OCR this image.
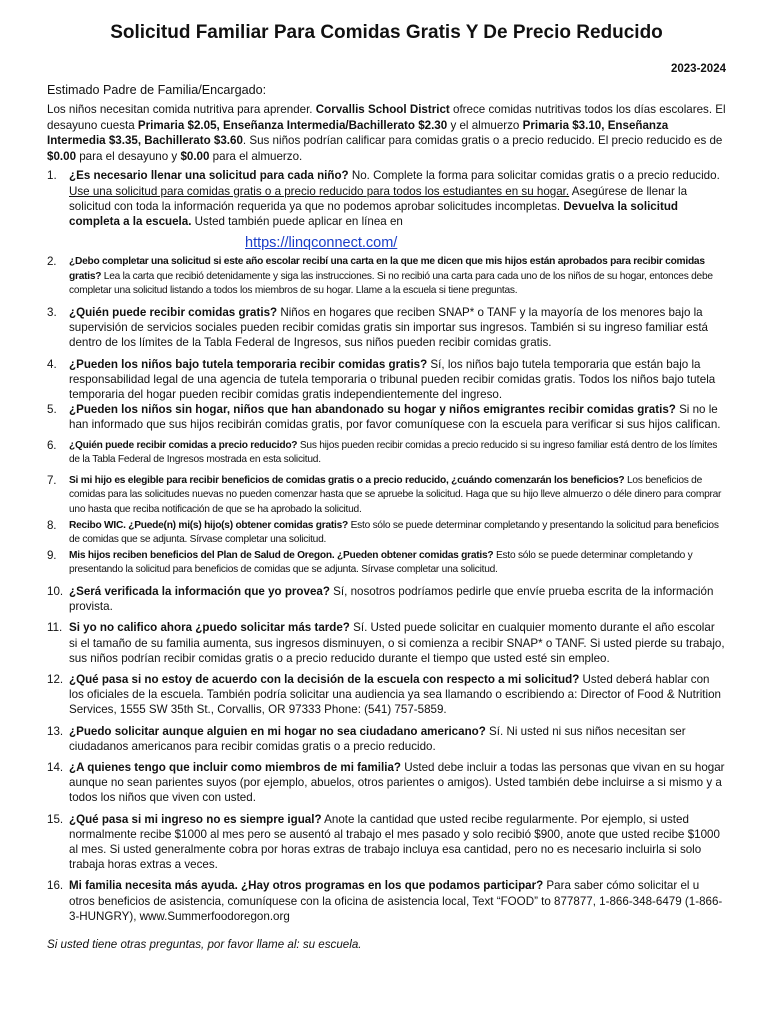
Solicitud Familiar Para Comidas Gratis Y De Precio Reducido
2023-2024
Estimado Padre de Familia/Encargado:

Los niños necesitan comida nutritiva para aprender. Corvallis School District ofrece comidas nutritivas todos los días escolares. El desayuno cuesta Primaria $2.05, Enseñanza Intermedia/Bachillerato $2.30 y el almuerzo Primaria $3.10, Enseñanza Intermedia $3.35, Bachillerato $3.60. Sus niños podrían calificar para comidas gratis o a precio reducido. El precio reducido es de $0.00 para el desayuno y $0.00 para el almuerzo.

1. ¿Es necesario llenar una solicitud para cada niño? No. Complete la forma para solicitar comidas gratis o a precio reducido. Use una solicitud para comidas gratis o a precio reducido para todos los estudiantes en su hogar. Asegúrese de llenar la solicitud con toda la información requerida ya que no podemos aprobar solicitudes incompletas. Devuelva la solicitud completa a la escuela. Usted también puede aplicar en línea en
https://linqconnect.com/
2. ¿Debo completar una solicitud si este año escolar recibí una carta en la que me dicen que mis hijos están aprobados para recibir comidas gratis? Lea la carta que recibió detenidamente y siga las instrucciones. Si no recibió una carta para cada uno de los niños de su hogar, entonces debe completar una solicitud listando a todos los miembros de su hogar. Llame a la escuela si tiene preguntas.
3. ¿Quién puede recibir comidas gratis? Niños en hogares que reciben SNAP* o TANF y la mayoría de los menores bajo la supervisión de servicios sociales pueden recibir comidas gratis sin importar sus ingresos. También si su ingreso familiar está dentro de los límites de la Tabla Federal de Ingresos, sus niños pueden recibir comidas gratis.
4. ¿Pueden los niños bajo tutela temporaria recibir comidas gratis? Sí, los niños bajo tutela temporaria que están bajo la responsabilidad legal de una agencia de tutela temporaria o tribunal pueden recibir comidas gratis. Todos los niños bajo tutela temporaria del hogar pueden recibir comidas gratis independientemente del ingreso.
5. ¿Pueden los niños sin hogar, niños que han abandonado su hogar y niños emigrantes recibir comidas gratis? Si no le han informado que sus hijos recibirán comidas gratis, por favor comuníquese con la escuela para verificar si sus hijos califican.
6. ¿Quién puede recibir comidas a precio reducido? Sus hijos pueden recibir comidas a precio reducido si su ingreso familiar está dentro de los límites de la Tabla Federal de Ingresos mostrada en esta solicitud.
7. Si mi hijo es elegible para recibir beneficios de comidas gratis o a precio reducido, ¿cuándo comenzarán los beneficios? Los beneficios de comidas para las solicitudes nuevas no pueden comenzar hasta que se apruebe la solicitud. Haga que su hijo lleve almuerzo o déle dinero para comprar uno hasta que reciba notificación de que se ha aprobado la solicitud.
8. Recibo WIC. ¿Puede(n) mi(s) hijo(s) obtener comidas gratis? Esto sólo se puede determinar completando y presentando la solicitud para beneficios de comidas que se adjunta. Sírvase completar una solicitud.
9. Mis hijos reciben beneficios del Plan de Salud de Oregon. ¿Pueden obtener comidas gratis? Esto sólo se puede determinar completando y presentando la solicitud para beneficios de comidas que se adjunta. Sírvase completar una solicitud.
10. ¿Será verificada la información que yo provea? Sí, nosotros podríamos pedirle que envíe prueba escrita de la información provista.
11. Si yo no califico ahora ¿puedo solicitar más tarde? Sí. Usted puede solicitar en cualquier momento durante el año escolar si el tamaño de su familia aumenta, sus ingresos disminuyen, o si comienza a recibir SNAP* o TANF. Si usted pierde su trabajo, sus niños podrían recibir comidas gratis o a precio reducido durante el tiempo que usted esté sin empleo.
12. ¿Qué pasa si no estoy de acuerdo con la decisión de la escuela con respecto a mi solicitud? Usted deberá hablar con los oficiales de la escuela. También podría solicitar una audiencia ya sea llamando o escribiendo a: Director of Food & Nutrition Services, 1555 SW 35th St., Corvallis, OR 97333 Phone: (541) 757-5859.
13. ¿Puedo solicitar aunque alguien en mi hogar no sea ciudadano americano? Sí. Ni usted ni sus niños necesitan ser ciudadanos americanos para recibir comidas gratis o a precio reducido.
14. ¿A quienes tengo que incluir como miembros de mi familia? Usted debe incluir a todas las personas que vivan en su hogar aunque no sean parientes suyos (por ejemplo, abuelos, otros parientes o amigos). Usted también debe incluirse a si mismo y a todos los niños que viven con usted.
15. ¿Qué pasa si mi ingreso no es siempre igual? Anote la cantidad que usted recibe regularmente. Por ejemplo, si usted normalmente recibe $1000 al mes pero se ausentó al trabajo el mes pasado y solo recibió $900, anote que usted recibe $1000 al mes. Si usted generalmente cobra por horas extras de trabajo incluya esa cantidad, pero no es necesario incluirla si solo trabaja horas extras a veces.
16. Mi familia necesita más ayuda. ¿Hay otros programas en los que podamos participar? Para saber cómo solicitar el u otros beneficios de asistencia, comuníquese con la oficina de asistencia local, Text “FOOD” to 877877, 1-866-348-6479 (1-866-3-HUNGRY), www.Summerfoodoregon.org

Si usted tiene otras preguntas, por favor llame al: su escuela.
